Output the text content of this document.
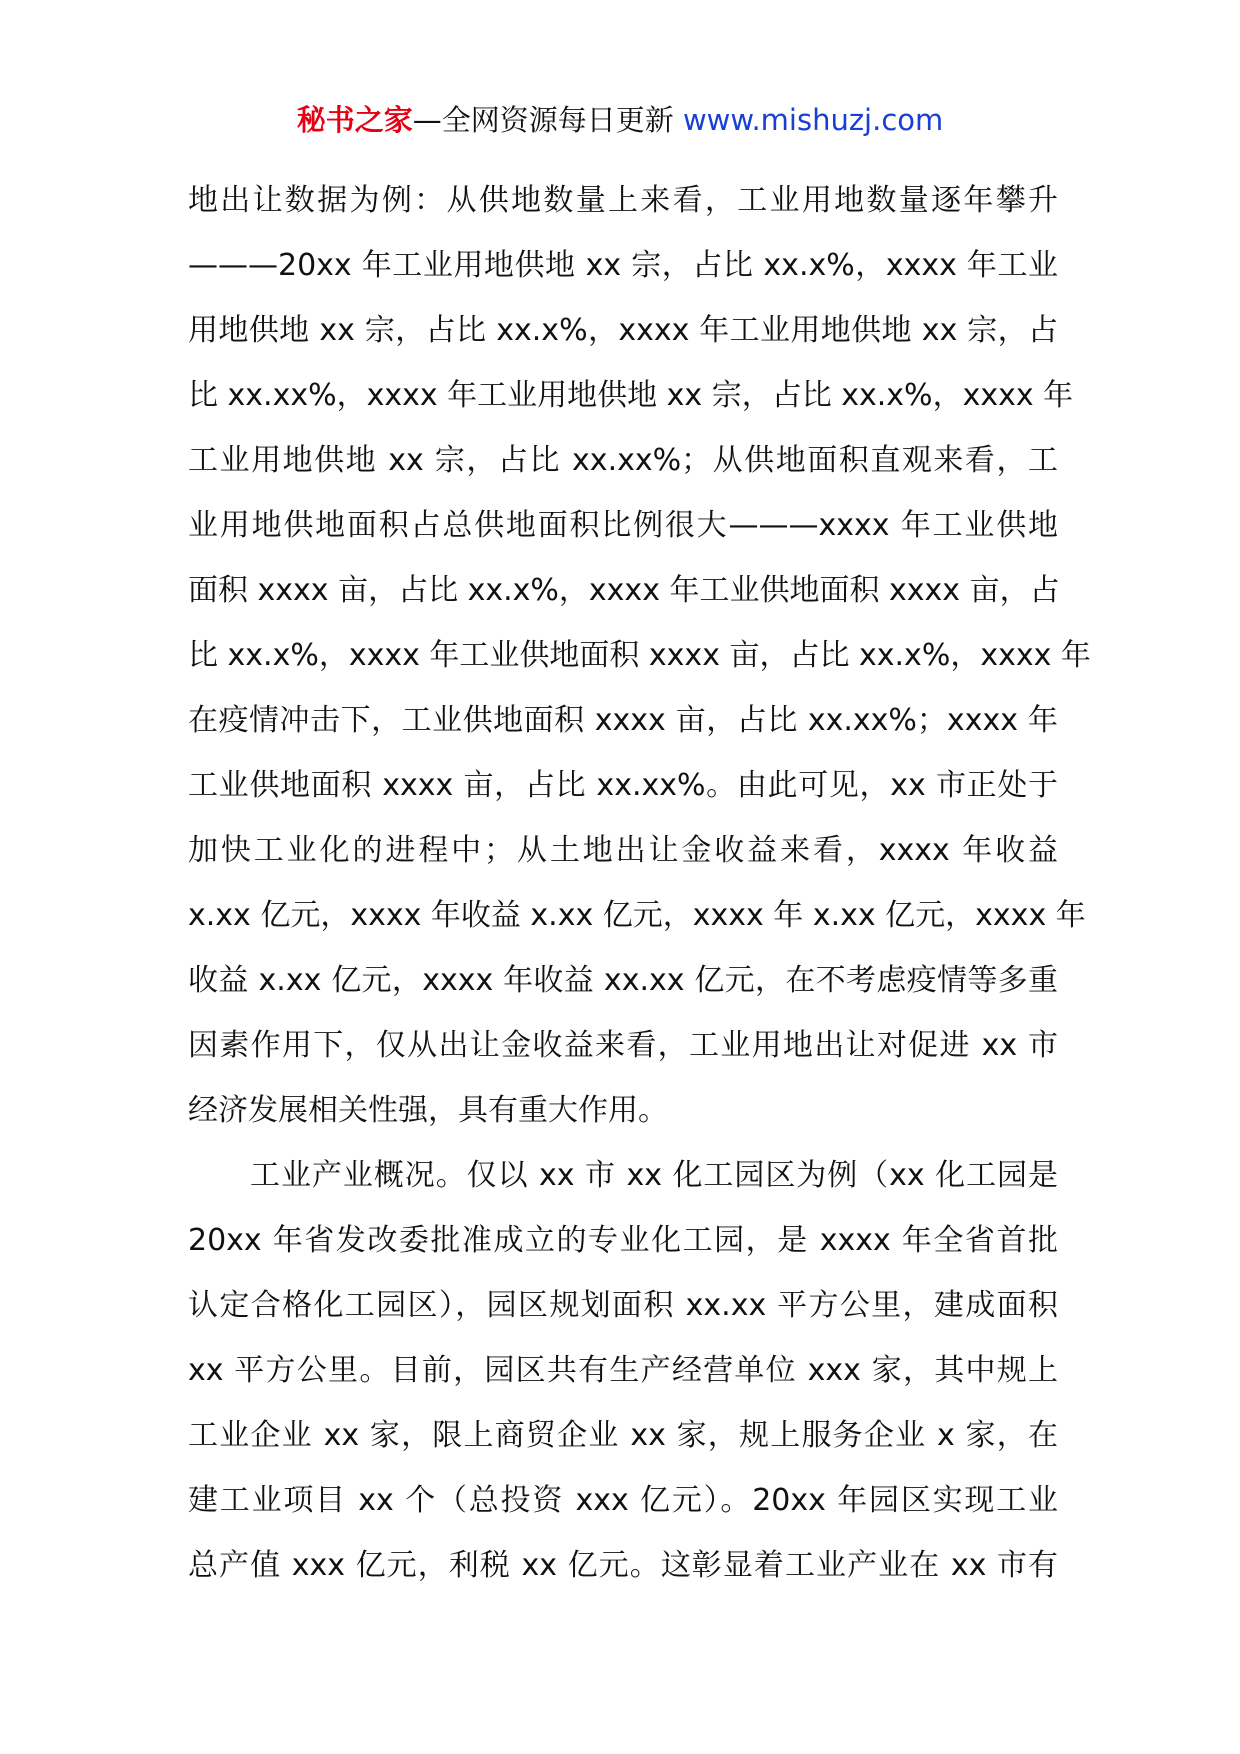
秘书之家—全网资源每日更新 www.mishuzj.com
地出让数据为例：从供地数量上来看，工业用地数量逐年攀升
———20xx 年工业用地供地 xx 宗，占比 xx.x%，xxxx 年工业
用地供地 xx 宗，占比 xx.x%，xxxx 年工业用地供地 xx 宗，占
比 xx.xx%，xxxx 年工业用地供地 xx 宗，占比 xx.x%，xxxx 年
工业用地供地 xx 宗，占比 xx.xx%；从供地面积直观来看，工
业用地供地面积占总供地面积比例很大———xxxx 年工业供地
面积 xxxx 亩，占比 xx.x%，xxxx 年工业供地面积 xxxx 亩，占
比 xx.x%，xxxx 年工业供地面积 xxxx 亩，占比 xx.x%，xxxx 年
在疫情冲击下，工业供地面积 xxxx 亩，占比 xx.xx%；xxxx 年
工业供地面积 xxxx 亩，占比 xx.xx%。由此可见，xx 市正处于
加快工业化的进程中；从土地出让金收益来看，xxxx 年收益
x.xx 亿元，xxxx 年收益 x.xx 亿元，xxxx 年 x.xx 亿元，xxxx 年
收益 x.xx 亿元，xxxx 年收益 xx.xx 亿元，在不考虑疫情等多重
因素作用下，仅从出让金收益来看，工业用地出让对促进 xx 市
经济发展相关性强，具有重大作用。
工业产业概况。仅以 xx 市 xx 化工园区为例（xx 化工园是
20xx 年省发改委批准成立的专业化工园，是 xxxx 年全省首批
认定合格化工园区），园区规划面积 xx.xx 平方公里，建成面积
xx 平方公里。目前，园区共有生产经营单位 xxx 家，其中规上
工业企业 xx 家，限上商贸企业 xx 家，规上服务企业 x 家，在
建工业项目 xx 个（总投资 xxx 亿元）。20xx 年园区实现工业
总产值 xxx 亿元，利税 xx 亿元。这彰显着工业产业在 xx 市有
